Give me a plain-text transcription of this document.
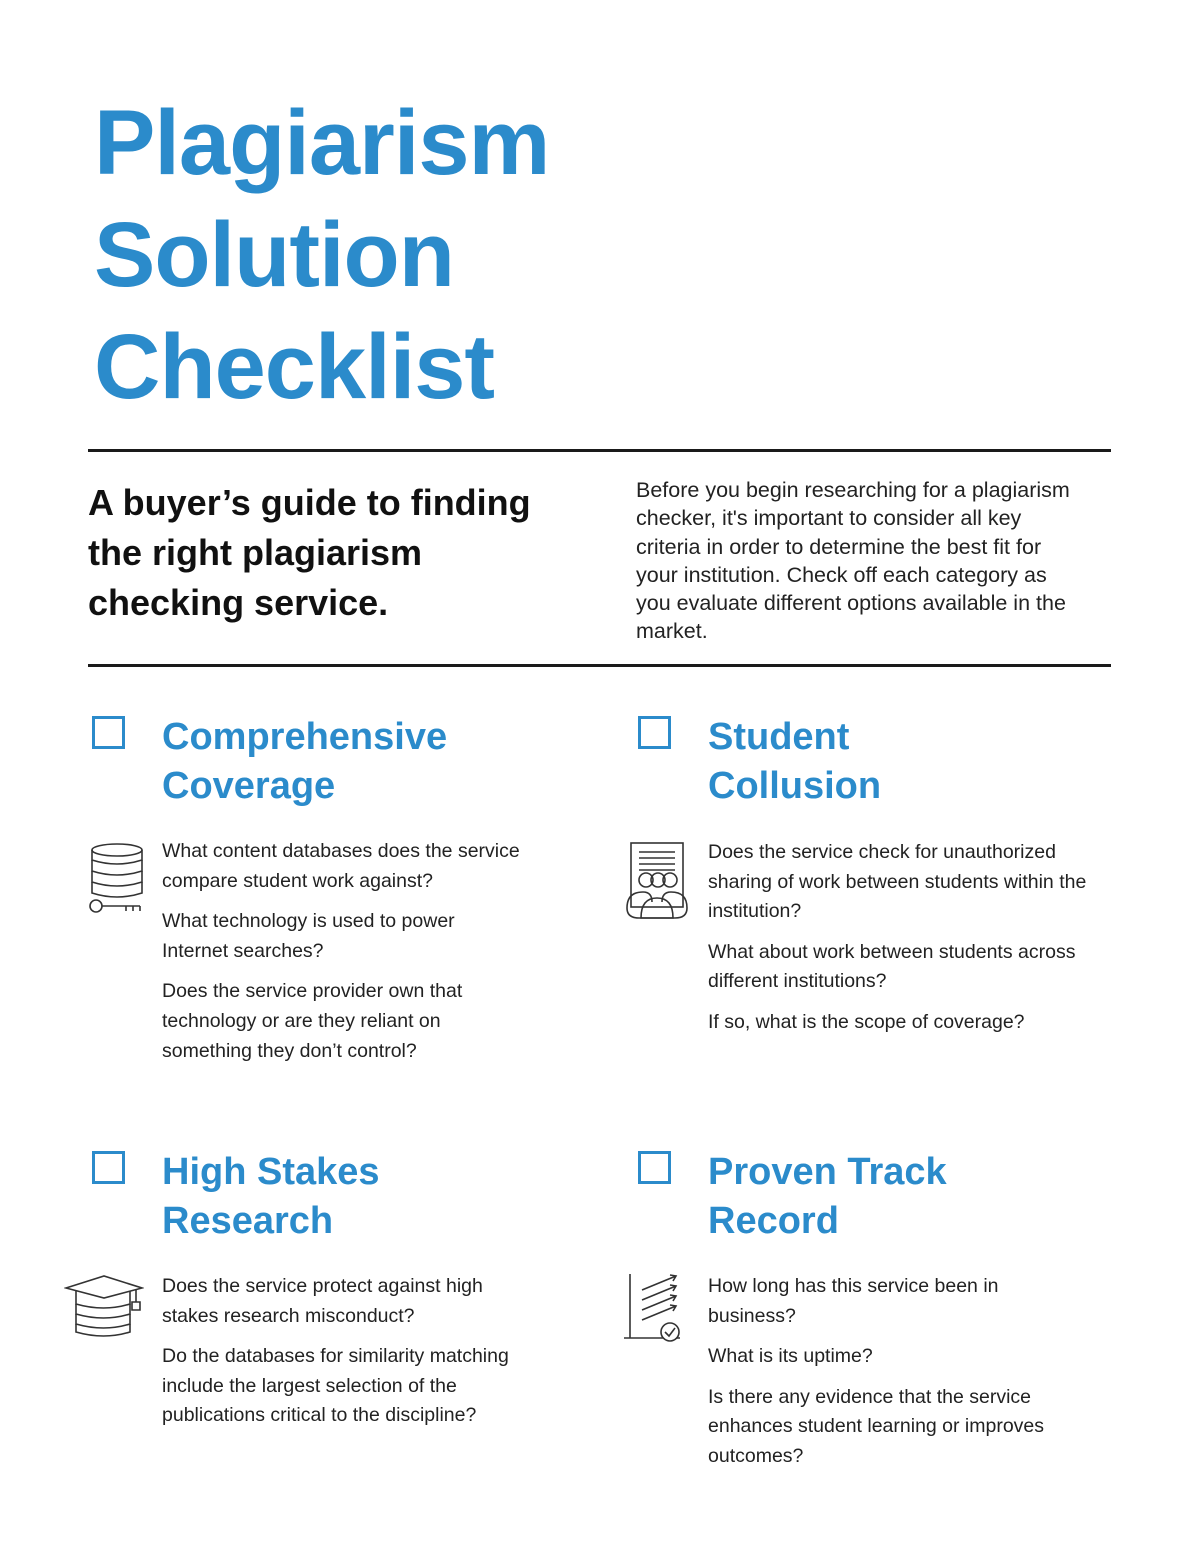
Plagiarism
Solution
Checklist
A buyer’s guide to finding the right plagiarism checking service.
Before you begin researching for a plagiarism checker, it's important to consider all key criteria in order to determine the best fit for your institution. Check off each category as you evaluate different options available in the market.
Comprehensive
Coverage
What content databases does the service compare student work against?
What technology is used to power Internet searches?
Does the service provider own that technology or are they reliant on something they don’t control?
Student
Collusion
Does the service check for unauthorized sharing of work between students within the institution?
What about work between students across different institutions?
If so, what is the scope of coverage?
High Stakes
Research
Does the service protect against high stakes research misconduct?
Do the databases for similarity matching include the largest selection of the publications critical to the discipline?
Proven Track
Record
How long has this service been in business?
What is its uptime?
Is there any evidence that the service enhances student learning or improves outcomes?
